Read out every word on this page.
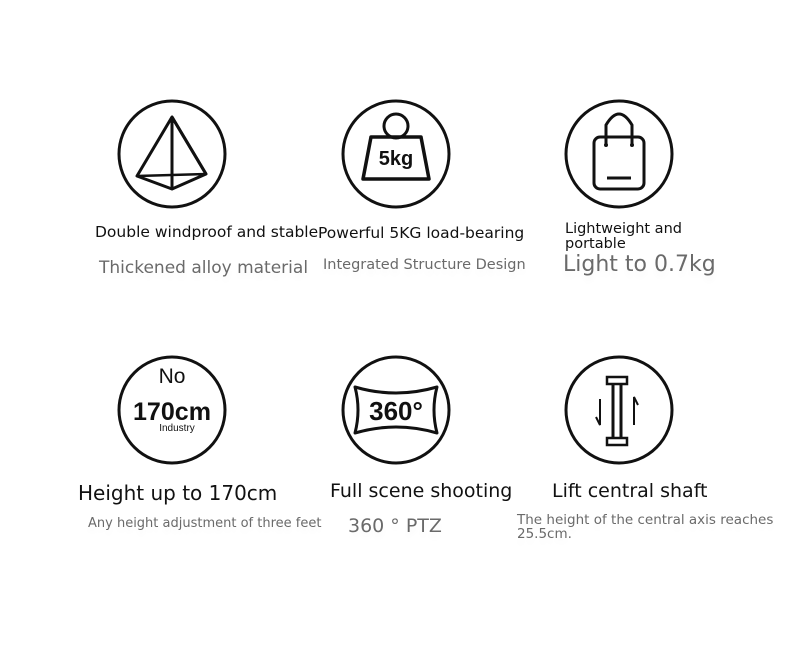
Double windproof and stable
Thickened alloy material
5kg
Powerful 5KG load-bearing
Integrated Structure Design
Lightweight and
portable
Light to 0.7kg
No
170cm
Industry
Height up to 170cm
Any height adjustment of three feet
360°
Full scene shooting
360 ° PTZ
Lift central shaft
The height of the central axis reaches
25.5cm.
